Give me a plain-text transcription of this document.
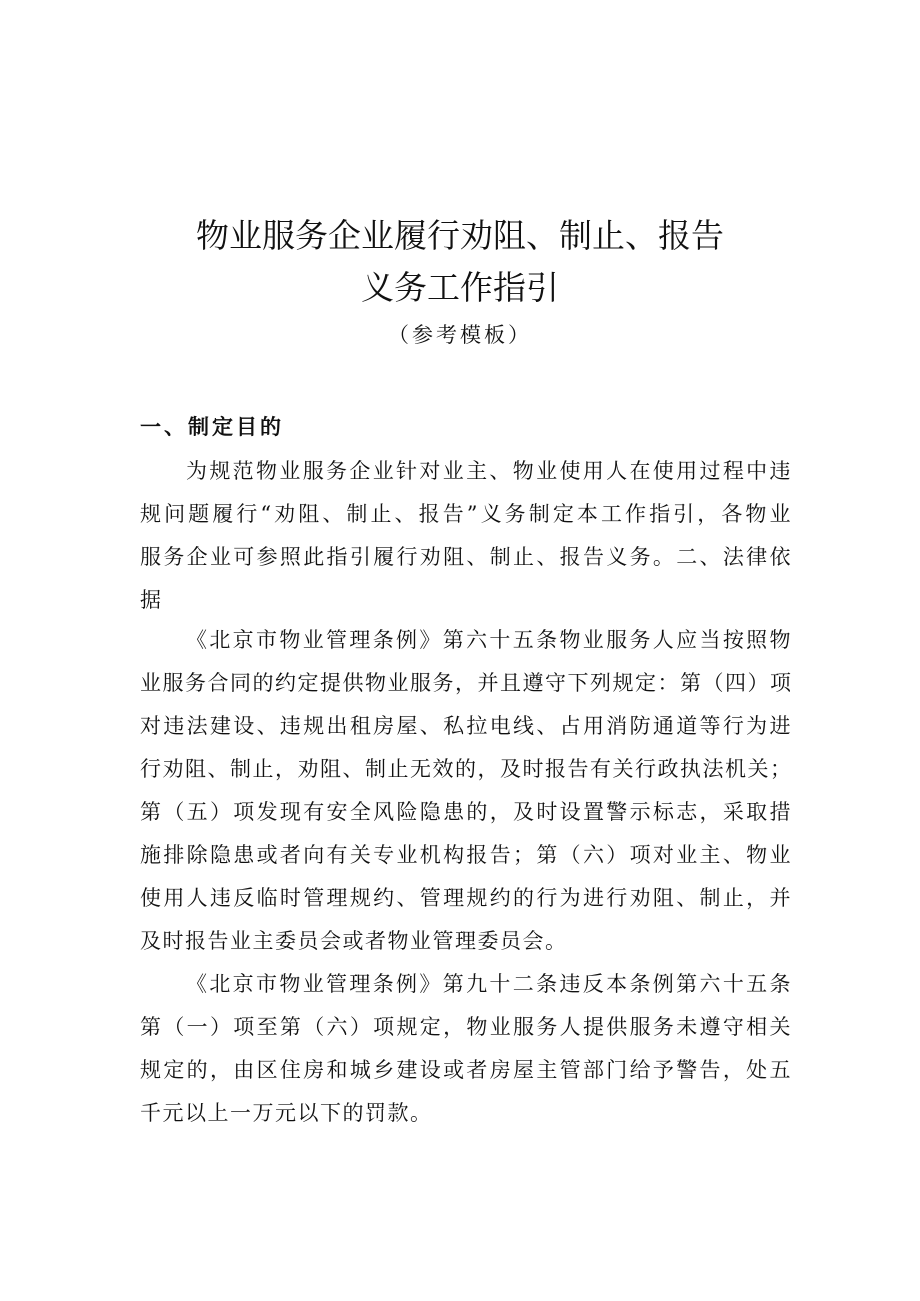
物业服务企业履行劝阻、制止、报告
义务工作指引
（参考模板）
一、制定目的

为规范物业服务企业针对业主、物业使用人在使用过程中违
规问题履行“劝阻、制止、报告”义务制定本工作指引，各物业
服务企业可参照此指引履行劝阻、制止、报告义务。二、法律依
据

《北京市物业管理条例》第六十五条物业服务人应当按照物
业服务合同的约定提供物业服务，并且遵守下列规定：第（四）项
对违法建设、违规出租房屋、私拉电线、占用消防通道等行为进
行劝阻、制止，劝阻、制止无效的，及时报告有关行政执法机关；
第（五）项发现有安全风险隐患的，及时设置警示标志，采取措
施排除隐患或者向有关专业机构报告；第（六）项对业主、物业
使用人违反临时管理规约、管理规约的行为进行劝阻、制止，并
及时报告业主委员会或者物业管理委员会。

《北京市物业管理条例》第九十二条违反本条例第六十五条
第（一）项至第（六）项规定，物业服务人提供服务未遵守相关
规定的，由区住房和城乡建设或者房屋主管部门给予警告，处五
千元以上一万元以下的罚款。
